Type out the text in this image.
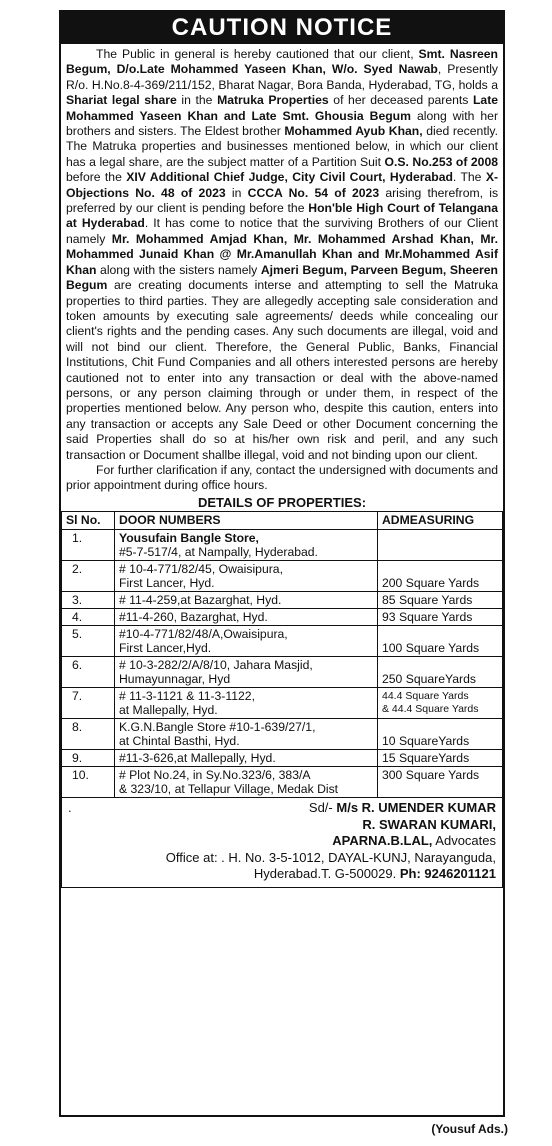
CAUTION NOTICE

The Public in general is hereby cautioned that our client, Smt. Nasreen Begum, D/o.Late Mohammed Yaseen Khan, W/o. Syed Nawab, Presently R/o. H.No.8-4-369/211/152, Bharat Nagar, Bora Banda, Hyderabad, TG, holds a Shariat legal share in the Matruka Properties of her deceased parents Late Mohammed Yaseen Khan and Late Smt. Ghousia Begum along with her brothers and sisters. The Eldest brother Mohammed Ayub Khan, died recently. The Matruka properties and businesses mentioned below, in which our client has a legal share, are the subject matter of a Partition Suit O.S. No.253 of 2008 before the XIV Additional Chief Judge, City Civil Court, Hyderabad. The X-Objections No. 48 of 2023 in CCCA No. 54 of 2023 arising therefrom, is preferred by our client is pending before the Hon'ble High Court of Telangana at Hyderabad. It has come to notice that the surviving Brothers of our Client namely Mr. Mohammed Amjad Khan, Mr. Mohammed Arshad Khan, Mr. Mohammed Junaid Khan @ Mr.Amanullah Khan and Mr.Mohammed Asif Khan along with the sisters namely Ajmeri Begum, Parveen Begum, Sheeren Begum are creating documents interse and attempting to sell the Matruka properties to third parties. They are allegedly accepting sale consideration and token amounts by executing sale agreements/ deeds while concealing our client's rights and the pending cases. Any such documents are illegal, void and will not bind our client. Therefore, the General Public, Banks, Financial Institutions, Chit Fund Companies and all others interested persons are hereby cautioned not to enter into any transaction or deal with the above-named persons, or any person claiming through or under them, in respect of the properties mentioned below. Any person who, despite this caution, enters into any transaction or accepts any Sale Deed or other Document concerning the said Properties shall do so at his/her own risk and peril, and any such transaction or Document shallbe illegal, void and not binding upon our client.

For further clarification if any, contact the undersigned with documents and prior appointment during office hours.

DETAILS OF PROPERTIES:
Sl No.	DOOR NUMBERS	ADMEASURING
1.	Yousufain Bangle Store,
#5-7-517/4, at Nampally, Hyderabad.	
2.	# 10-4-771/82/45, Owaisipura,
First Lancer, Hyd.	200 Square Yards
3.	# 11-4-259,at Bazarghat, Hyd.	85 Square Yards
4.	#11-4-260, Bazarghat, Hyd.	93 Square Yards
5.	#10-4-771/82/48/A,Owaisipura,
First Lancer,Hyd.	100 Square Yards
6.	# 10-3-282/2/A/8/10, Jahara Masjid,
Humayunnagar, Hyd	250 SquareYards
7.	# 11-3-1121 & 11-3-1122,
at Mallepally, Hyd.	44.4 Square Yards
& 44.4 Square Yards
8.	K.G.N.Bangle Store #10-1-639/27/1,
at Chintal Basthi, Hyd.	10 SquareYards
9.	#11-3-626,at Mallepally, Hyd.	15 SquareYards
10.	# Plot No.24, in Sy.No.323/6, 383/A
& 323/10, at Tellapur Village, Medak Dist	300 Square Yards
.	Sd/- M/s R. UMENDER KUMAR
R. SWARAN KUMARI,
APARNA.B.LAL, Advocates
Office at: . H. No. 3-5-1012, DAYAL-KUNJ, Narayanguda,
Hyderabad.T. G-500029. Ph: 9246201121
(Yousuf Ads.)
